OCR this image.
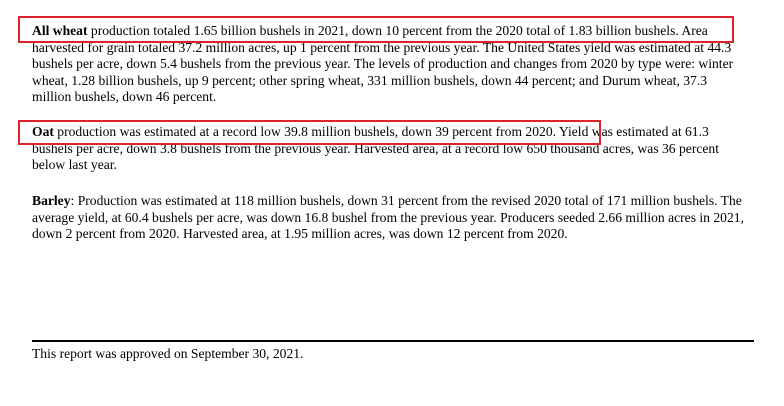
All wheat production totaled 1.65 billion bushels in 2021, down 10 percent from the 2020 total of 1.83 billion bushels. Area harvested for grain totaled 37.2 million acres, up 1 percent from the previous year. The United States yield was estimated at 44.3 bushels per acre, down 5.4 bushels from the previous year. The levels of production and changes from 2020 by type were: winter wheat, 1.28 billion bushels, up 9 percent; other spring wheat, 331 million bushels, down 44 percent; and Durum wheat, 37.3 million bushels, down 46 percent.
Oat production was estimated at a record low 39.8 million bushels, down 39 percent from 2020. Yield was estimated at 61.3 bushels per acre, down 3.8 bushels from the previous year. Harvested area, at a record low 650 thousand acres, was 36 percent below last year.
Barley: Production was estimated at 118 million bushels, down 31 percent from the revised 2020 total of 171 million bushels. The average yield, at 60.4 bushels per acre, was down 16.8 bushel from the previous year. Producers seeded 2.66 million acres in 2021, down 2 percent from 2020. Harvested area, at 1.95 million acres, was down 12 percent from 2020.
This report was approved on September 30, 2021.
